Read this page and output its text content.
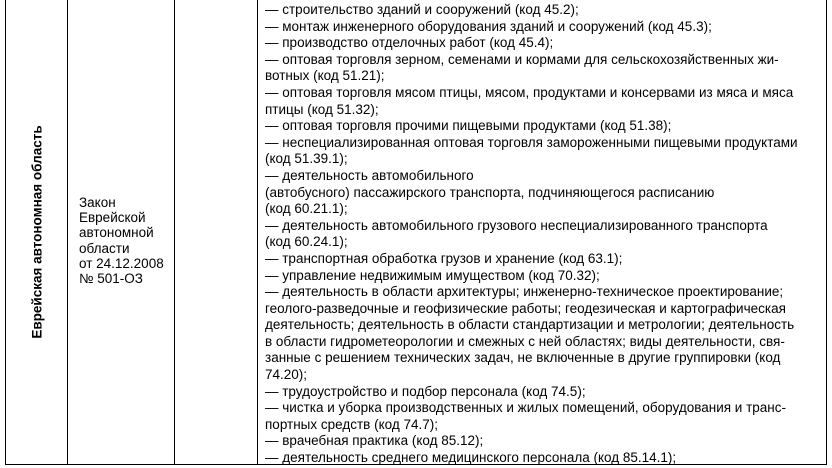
Еврейская автономная область	Закон
Еврейской
автономной
области
от 24.12.2008
№ 501-ОЗ
— строительство зданий и сооружений (код 45.2);
— монтаж инженерного оборудования зданий и сооружений (код 45.3);
— производство отделочных работ (код 45.4);
— оптовая торговля зерном, семенами и кормами для сельскохозяйственных жи-
вотных (код 51.21);
— оптовая торговля мясом птицы, мясом, продуктами и консервами из мяса и мяса
птицы (код 51.32);
— оптовая торговля прочими пищевыми продуктами (код 51.38);
— неспециализированная оптовая торговля замороженными пищевыми продуктами
(код 51.39.1);
— деятельность автомобильного
(автобусного) пассажирского транспорта, подчиняющегося расписанию
(код 60.21.1);
— деятельность автомобильного грузового неспециализированного транспорта
(код 60.24.1);
— транспортная обработка грузов и хранение (код 63.1);
— управление недвижимым имуществом (код 70.32);
— деятельность в области архитектуры; инженерно-техническое проектирование;
геолого-разведочные и геофизические работы; геодезическая и картографическая
деятельность; деятельность в области стандартизации и метрологии; деятельность
в области гидрометеорологии и смежных с ней областях; виды деятельности, свя-
занные с решением технических задач, не включенные в другие группировки (код
74.20);
— трудоустройство и подбор персонала (код 74.5);
— чистка и уборка производственных и жилых помещений, оборудования и транс-
портных средств (код 74.7);
— врачебная практика (код 85.12);
— деятельность среднего медицинского персонала (код 85.14.1);
